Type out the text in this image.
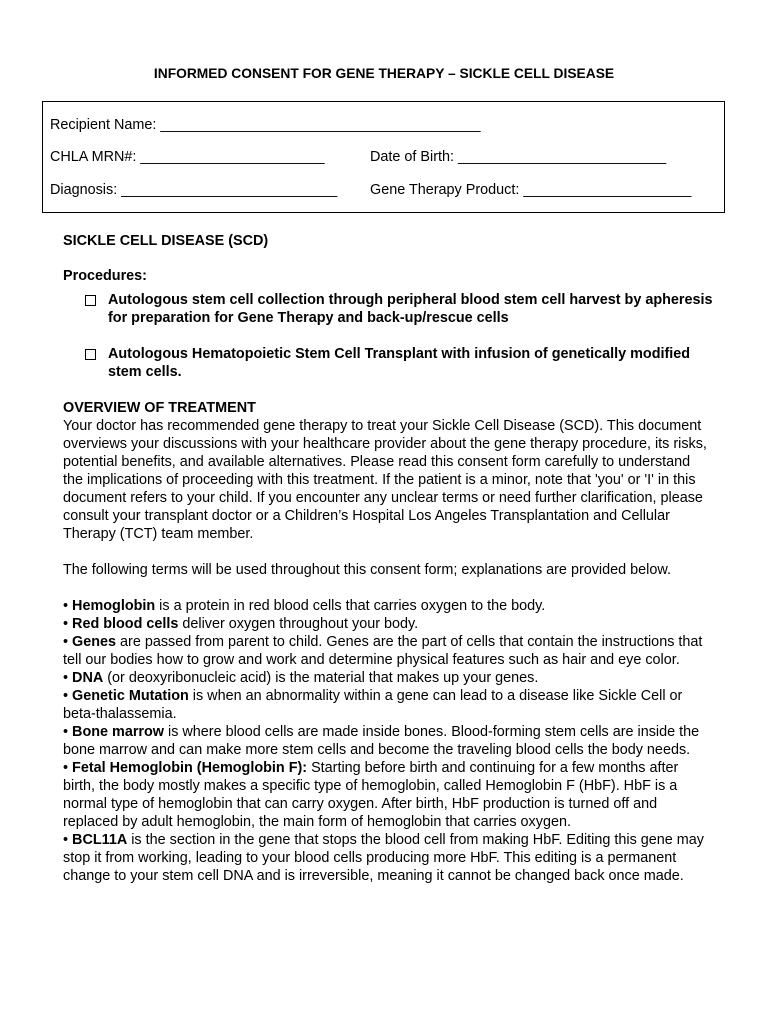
INFORMED CONSENT FOR GENE THERAPY – SICKLE CELL DISEASE
Recipient Name: ________________________________________
CHLA MRN#: _______________________	Date of Birth: __________________________
Diagnosis: ___________________________ Gene Therapy Product: _____________________

SICKLE CELL DISEASE (SCD)

Procedures:

Autologous stem cell collection through peripheral blood stem cell harvest by apheresis for preparation for Gene Therapy and back-up/rescue cells
Autologous Hematopoietic Stem Cell Transplant with infusion of genetically modified stem cells.

OVERVIEW OF TREATMENT

Your doctor has recommended gene therapy to treat your Sickle Cell Disease (SCD). This document overviews your discussions with your healthcare provider about the gene therapy procedure, its risks, potential benefits, and available alternatives. Please read this consent form carefully to understand the implications of proceeding with this treatment. If the patient is a minor, note that 'you' or 'I' in this document refers to your child. If you encounter any unclear terms or need further clarification, please consult your transplant doctor or a Children’s Hospital Los Angeles Transplantation and Cellular Therapy (TCT) team member.

The following terms will be used throughout this consent form; explanations are provided below.

• Hemoglobin is a protein in red blood cells that carries oxygen to the body.

• Red blood cells deliver oxygen throughout your body.

• Genes are passed from parent to child. Genes are the part of cells that contain the instructions that tell our bodies how to grow and work and determine physical features such as hair and eye color.

• DNA (or deoxyribonucleic acid) is the material that makes up your genes.

• Genetic Mutation is when an abnormality within a gene can lead to a disease like Sickle Cell or beta-thalassemia.

• Bone marrow is where blood cells are made inside bones. Blood-forming stem cells are inside the bone marrow and can make more stem cells and become the traveling blood cells the body needs.

• Fetal Hemoglobin (Hemoglobin F): Starting before birth and continuing for a few months after birth, the body mostly makes a specific type of hemoglobin, called Hemoglobin F (HbF). HbF is a normal type of hemoglobin that can carry oxygen. After birth, HbF production is turned off and replaced by adult hemoglobin, the main form of hemoglobin that carries oxygen.

• BCL11A is the section in the gene that stops the blood cell from making HbF. Editing this gene may stop it from working, leading to your blood cells producing more HbF. This editing is a permanent change to your stem cell DNA and is irreversible, meaning it cannot be changed back once made.
